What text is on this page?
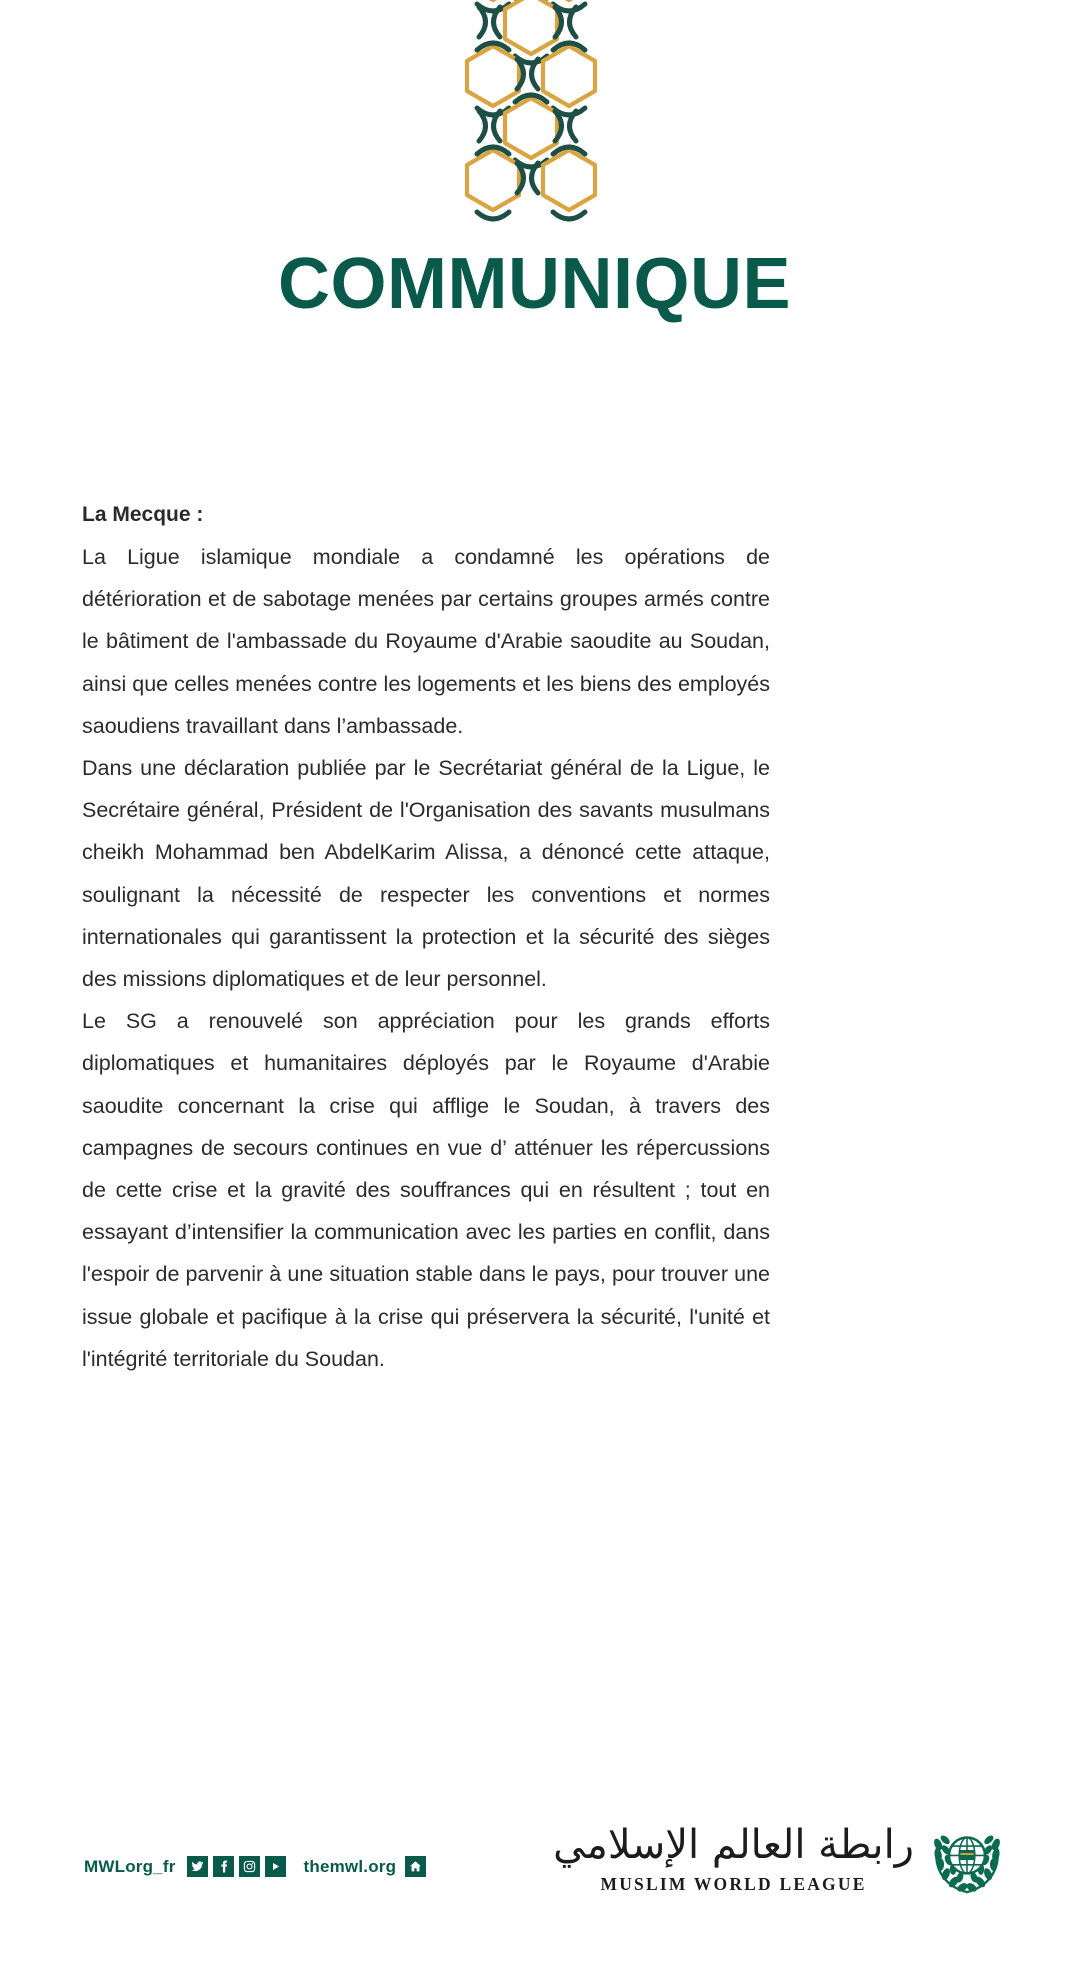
COMMUNIQUE

La Mecque :

La Ligue islamique mondiale a condamné les opérations de détérioration et de sabotage menées par certains groupes armés contre le bâtiment de l'ambassade du Royaume d'Arabie saoudite au Soudan, ainsi que celles menées contre les logements et les biens des employés saoudiens travaillant dans l’ambassade.

Dans une déclaration publiée par le Secrétariat général de la Ligue, le Secrétaire général, Président de l'Organisation des savants musulmans cheikh Mohammad ben AbdelKarim Alissa, a dénoncé cette attaque, soulignant la nécessité de respecter les conventions et normes internationales qui garantissent la protection et la sécurité des sièges des missions diplomatiques et de leur personnel.

Le SG a renouvelé son appréciation pour les grands efforts diplomatiques et humanitaires déployés par le Royaume d'Arabie saoudite concernant la crise qui afflige le Soudan, à travers des campagnes de secours continues en vue d’ atténuer les répercussions de cette crise et la gravité des souffrances qui en résultent ; tout en essayant d’intensifier la communication avec les parties en conflit, dans l'espoir de parvenir à une situation stable dans le pays, pour trouver une issue globale et pacifique à la crise qui préservera la sécurité, l'unité et l'intégrité territoriale du Soudan.

MWLorg_fr	themwl.org	رابطة العالم الإسلامي
MUSLIM WORLD LEAGUE
